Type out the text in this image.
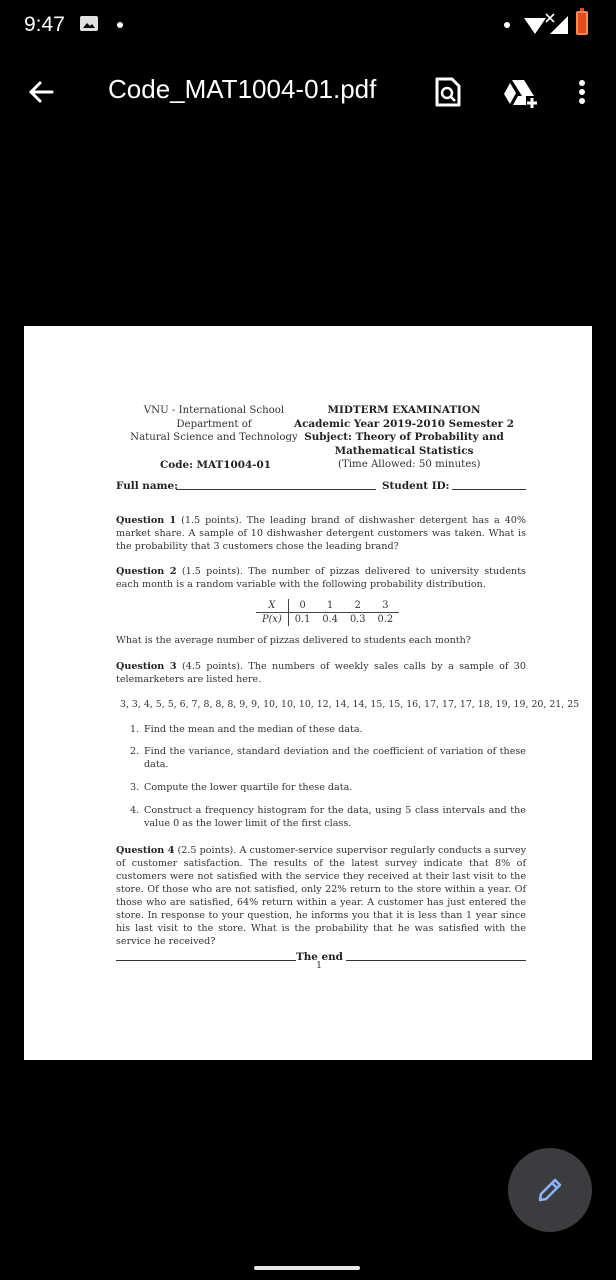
9:47
Code_MAT1004-01.pdf
VNU - International School
Department of
Natural Science and Technology
MIDTERM EXAMINATION
Academic Year 2019-2010 Semester 2
Subject: Theory of Probability and
Mathematical Statistics
Code: MAT1004-01	(Time Allowed: 50 minutes)
Full name:	Student ID:
Question 1 (1.5 points). The leading brand of dishwasher detergent has a 40% market share. A sample of 10 dishwasher detergent customers was taken. What is the probability that 3 customers chose the leading brand?
Question 2 (1.5 points). The number of pizzas delivered to university students each month is a random variable with the following probability distribution.
X	0	1	2	3
P(x)	0.1	0.4	0.3	0.2
What is the average number of pizzas delivered to students each month?
Question 3 (4.5 points). The numbers of weekly sales calls by a sample of 30 telemarketers are listed here.
3, 3, 4, 5, 5, 6, 7, 8, 8, 8, 9, 9, 10, 10, 10, 12, 14, 14, 15, 15, 16, 17, 17, 17, 18, 19, 19, 20, 21, 25
1. Find the mean and the median of these data.
2. Find the variance, standard deviation and the coefficient of variation of these data.
3. Compute the lower quartile for these data.
4. Construct a frequency histogram for the data, using 5 class intervals and the value 0 as the lower limit of the first class.
Question 4 (2.5 points). A customer-service supervisor regularly conducts a survey of customer satisfaction. The results of the latest survey indicate that 8% of customers were not satisfied with the service they received at their last visit to the store. Of those who are not satisfied, only 22% return to the store within a year. Of those who are satisfied, 64% return within a year. A customer has just entered the store. In response to your question, he informs you that it is less than 1 year since his last visit to the store. What is the probability that he was satisfied with the service he received?
The end
1
